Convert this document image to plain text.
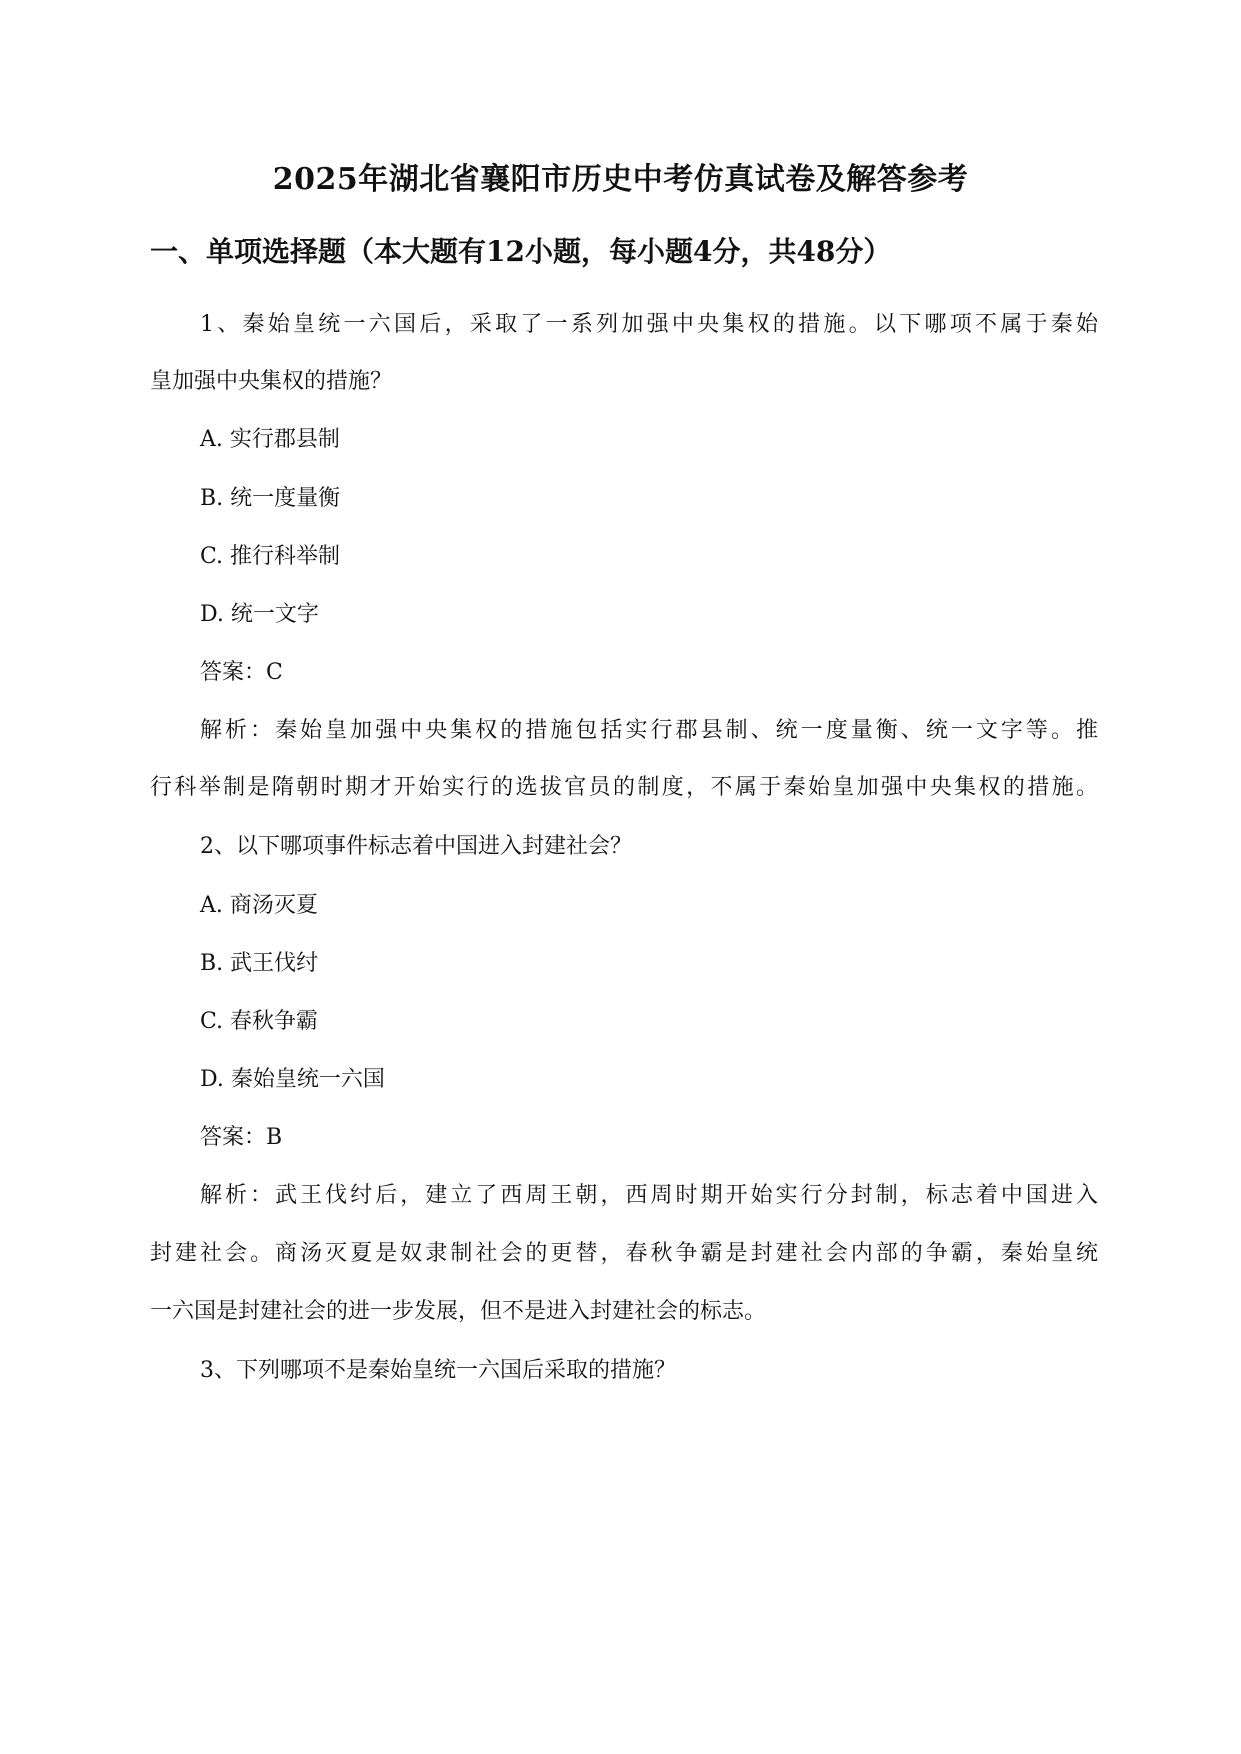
2025年湖北省襄阳市历史中考仿真试卷及解答参考
一、单项选择题（本大题有12小题，每小题4分，共48分）
1、秦始皇统一六国后，采取了一系列加强中央集权的措施。以下哪项不属于秦始
皇加强中央集权的措施？
A. 实行郡县制
B. 统一度量衡
C. 推行科举制
D. 统一文字
答案：C
解析：秦始皇加强中央集权的措施包括实行郡县制、统一度量衡、统一文字等。推
行科举制是隋朝时期才开始实行的选拔官员的制度，不属于秦始皇加强中央集权的措施。
2、以下哪项事件标志着中国进入封建社会？
A. 商汤灭夏
B. 武王伐纣
C. 春秋争霸
D. 秦始皇统一六国
答案：B
解析：武王伐纣后，建立了西周王朝，西周时期开始实行分封制，标志着中国进入
封建社会。商汤灭夏是奴隶制社会的更替，春秋争霸是封建社会内部的争霸，秦始皇统
一六国是封建社会的进一步发展，但不是进入封建社会的标志。
3、下列哪项不是秦始皇统一六国后采取的措施？
